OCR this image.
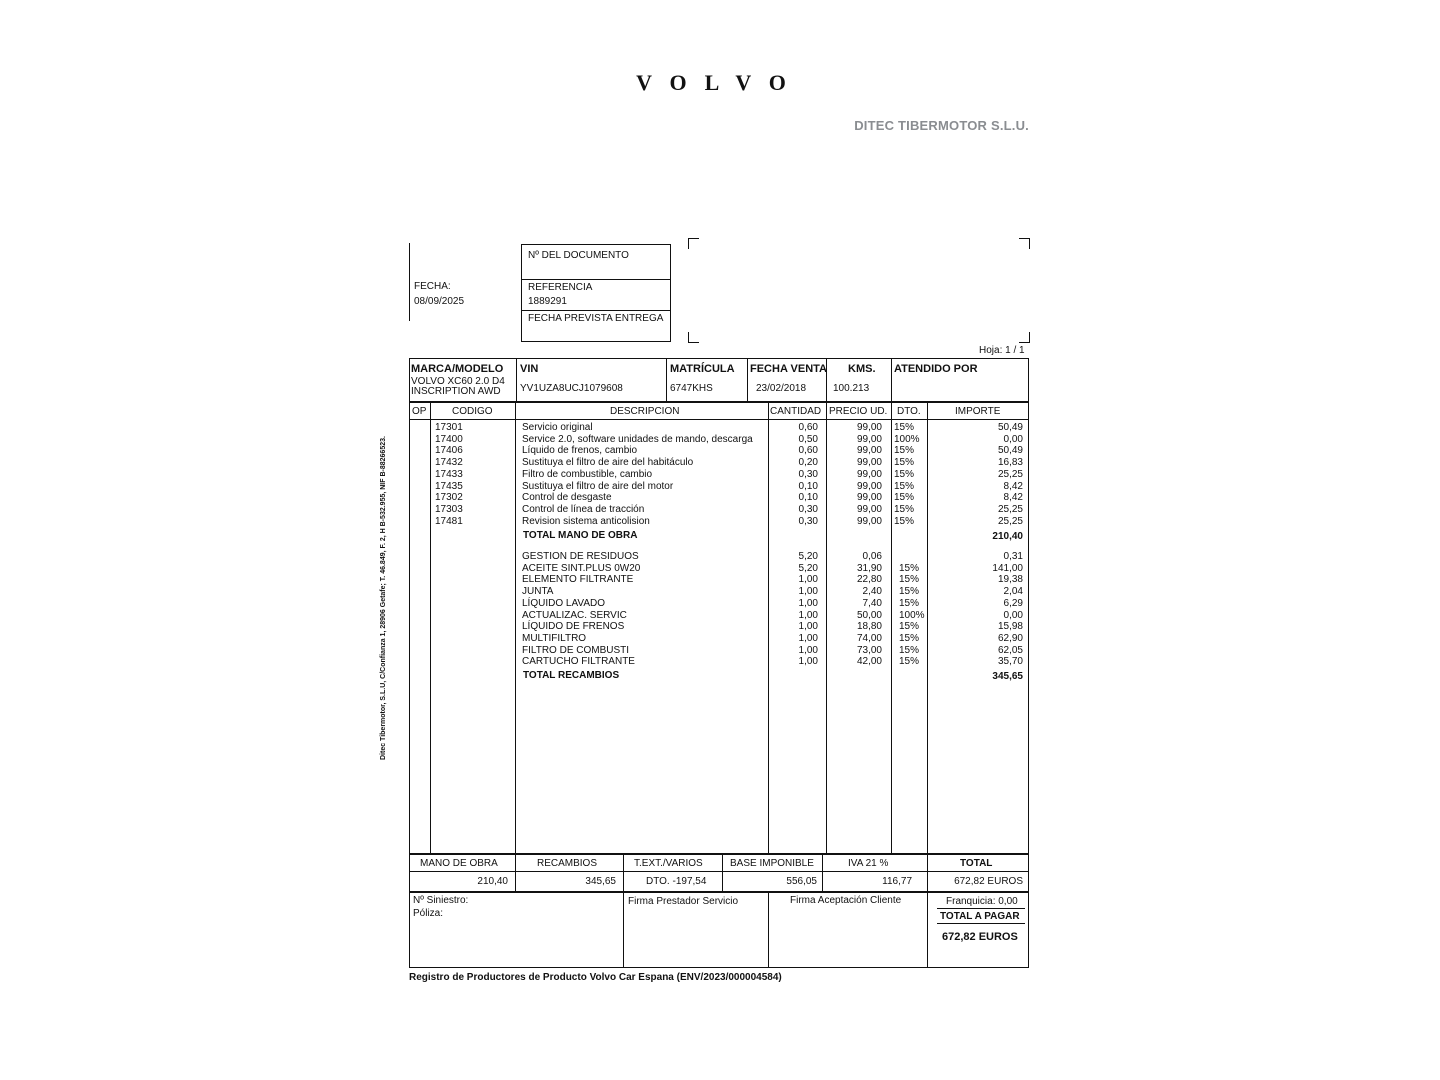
VOLVO
DITEC TIBERMOTOR S.L.U.
FECHA:
08/09/2025
Nº DEL DOCUMENTO
REFERENCIA
1889291
FECHA PREVISTA ENTREGA
Hoja: 1 / 1
MARCA/MODELO
VOLVO XC60 2.0 D4
INSCRIPTION AWD
VIN
YV1UZA8UCJ1079608
MATRÍCULA
6747KHS
FECHA VENTA
23/02/2018
KMS.
100.213
ATENDIDO POR
OP	CODIGO	DESCRIPCION	CANTIDAD PRECIO UD. DTO.	IMPORTE
17301	Servicio original	0,60	99,00 15%	50,49
17400	Service 2.0, software unidades de mando, descarga	0,50	99,00 100%	0,00
17406	Líquido de frenos, cambio	0,60	99,00 15%	50,49
17432	Sustituya el filtro de aire del habitáculo	0,20	99,00 15%	16,83
17433	Filtro de combustible, cambio	0,30	99,00 15%	25,25
17435	Sustituya el filtro de aire del motor	0,10	99,00 15%	8,42
17302	Control de desgaste	0,10	99,00 15%	8,42
17303	Control de línea de tracción	0,30	99,00 15%	25,25
17481	Revision sistema anticolision	0,30	99,00 15%	25,25
TOTAL MANO DE OBRA	210,40
GESTION DE RESIDUOS	5,20	0,06	0,31
ACEITE SINT.PLUS 0W20	5,20	31,90 15%	141,00
ELEMENTO FILTRANTE	1,00	22,80 15%	19,38
JUNTA	1,00	2,40 15%	2,04
LÍQUIDO LAVADO	1,00	7,40 15%	6,29
ACTUALIZAC. SERVIC	1,00	50,00 100%	0,00
LÍQUIDO DE FRENOS	1,00	18,80 15%	15,98
MULTIFILTRO	1,00	74,00 15%	62,90
FILTRO DE COMBUSTI	1,00	73,00 15%	62,05
CARTUCHO FILTRANTE	1,00	42,00 15%	35,70
TOTAL RECAMBIOS	345,65
MANO DE OBRA
210,40
RECAMBIOS
345,65
T.EXT./VARIOS
DTO. -197,54
BASE IMPONIBLE
556,05
IVA 21 %
116,77
TOTAL
672,82 EUROS
Nº Siniestro:
Póliza:
Firma Prestador Servicio	Firma Aceptación Cliente	Franquicia: 0,00
TOTAL A PAGAR
672,82 EUROS
Registro de Productores de Producto Volvo Car Espana (ENV/2023/000004584)
Ditec Tibermotor, S.L.U, C/Confianza 1, 28906 Getafe; T. 46.849, F. 2, H B-532.955, NIF B-88266523.
